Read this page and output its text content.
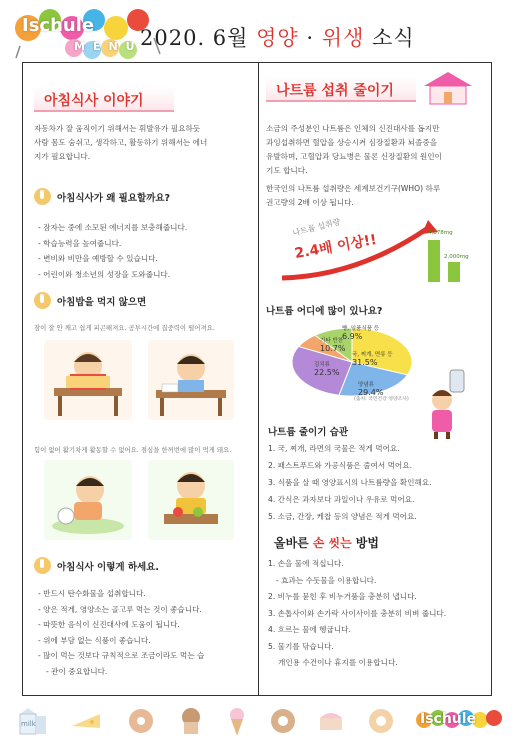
Ischule
MENU
2020. 6월 영양 · 위생 소식
아침식사 이야기
자동차가 잘 움직이기 위해서는 휘발유가 필요하듯
사람 몸도 숨쉬고, 생각하고, 활동하기 위해서는 에너
지가 필요합니다.
아침식사가 왜 필요할까요?
- 잠자는 중에 소모된 에너지를 보충해줍니다.
- 학습능력을 높여줍니다.
- 변비와 비만을 예방할 수 있습니다.
- 어린이와 청소년의 성장을 도와줍니다.
아침밥을 먹지 않으면
잠이 잘 안 깨고 쉽게 피곤해져요. 공부시간에 집중력이 떨어져요.
힘이 없어 활기차게 활동할 수 없어요. 점심을 한꺼번에 많이 먹게 돼요.
아침식사 이렇게 하세요.
- 반드시 탄수화물을 섭취합니다.
- 양은 적게, 영양소는 골고루 먹는 것이 좋습니다.
- 따뜻한 음식이 신진대사에 도움이 됩니다.
- 위에 부담 없는 식품이 좋습니다.
- 많이 먹는 것보다 규칙적으로 조금이라도 먹는 습
- 관이 중요합니다.
나트륨 섭취 줄이기
소금의 주성분인 나트륨은 인체의 신진대사를 돕지만
과잉섭취하면 혈압을 상승시켜 심장질환과 뇌졸중을
유발하며, 고혈압과 당뇨병은 물론 신장질환의 원인이
기도 합니다.
한국인의 나트륨 섭취량은 세계보건기구(WHO) 하루
권고량의 2배 이상 됩니다.
나트륨 섭취량
2.4배 이상!!	4,878mg
2,000mg
나트륨 어디에 많이 있나요?
국, 찌개, 면류 등
31.5%
김치류
22.5%
양념류
29.4%
빵, 일품식품 등
6.9%
기타 반찬
10.7%
(출처: 국민건강 영양조사)
나트륨 줄이기 습관
1. 국, 찌개, 라면의 국물은 적게 먹어요.
2. 패스트푸드와 가공식품은 줄여서 먹어요.
3. 식품을 살 때 영양표시의 나트륨량을 확인해요.
4. 간식은 과자보다 과일이나 우유로 먹어요.
5. 소금, 간장, 케찹 등의 양념은 적게 먹어요.
올바른 손 씻는 방법
1. 손을 물에 적십니다.
- 효과는 수돗물을 이용합니다.
2. 비누를 묻힌 후 비누거품을 충분히 냅니다.
3. 손톱사이와 손가락 사이사이를 충분히 비벼 줍니다.
4. 흐르는 물에 헹굽니다.
5. 물기를 닦습니다.
개인용 수건이나 휴지를 이용합니다.
milk	Ischule
